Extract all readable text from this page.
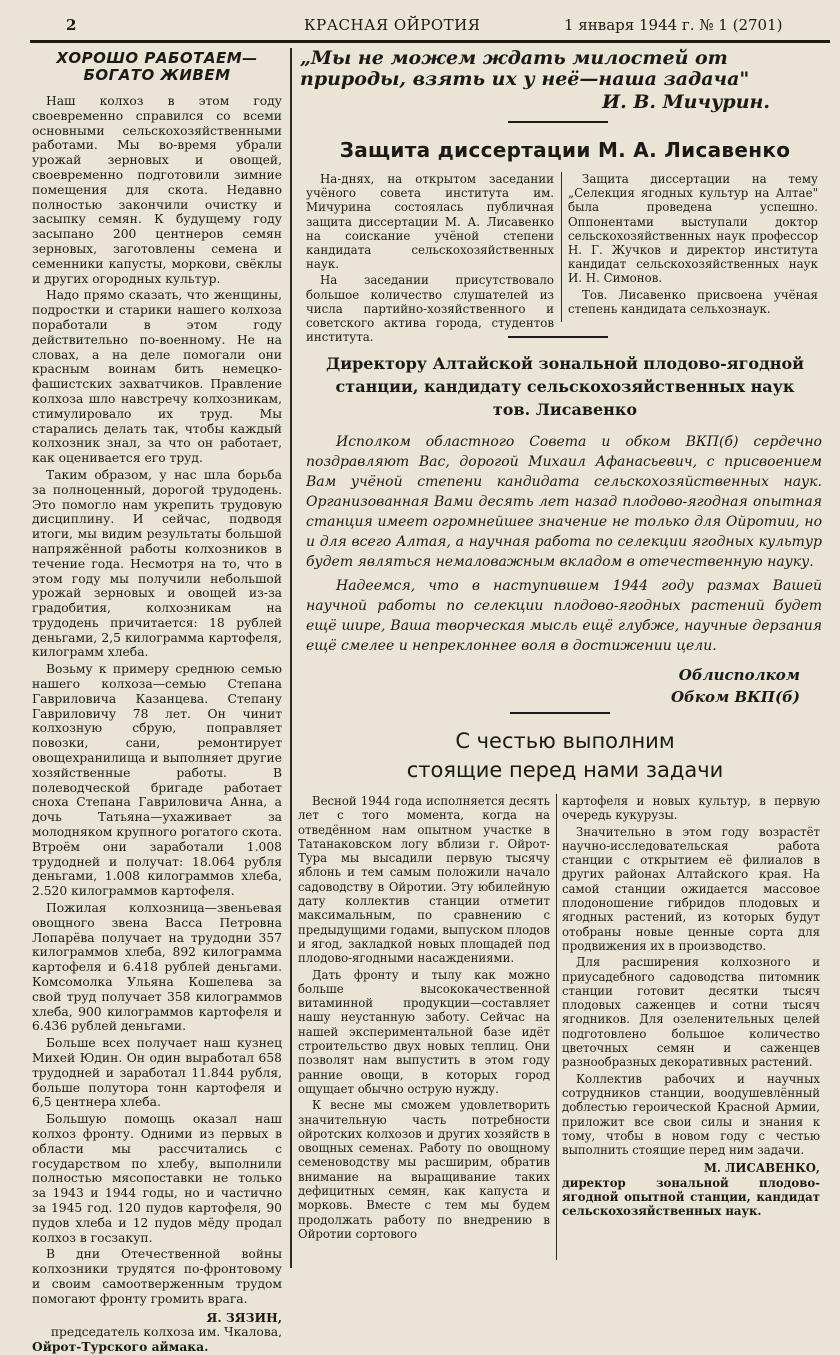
2	КРАСНАЯ ОЙРОТИЯ	1 января 1944 г. № 1 (2701)
ХОРОШО РАБОТАЕМ— БОГАТО ЖИВЕМ

Наш колхоз в этом году своевременно справился со всеми основными сельскохозяйственными работами. Мы во-время убрали урожай зерновых и овощей, своевременно подготовили зимние помещения для скота. Недавно полностью закончили очистку и засыпку семян. К будущему году засыпано 200 центнеров семян зерновых, заготовлены семена и семенники капусты, моркови, свёклы и других огородных культур.

Надо прямо сказать, что женщины, подростки и старики нашего колхоза поработали в этом году действительно по-военному. Не на словах, а на деле помогали они красным воинам бить немецко-фашистских захватчиков. Правление колхоза шло навстречу колхозникам, стимулировало их труд. Мы старались делать так, чтобы каждый колхозник знал, за что он работает, как оценивается его труд.

Таким образом, у нас шла борьба за полноценный, дорогой трудодень. Это помогло нам укрепить трудовую дисциплину. И сейчас, подводя итоги, мы видим результаты большой напряжённой работы колхозников в течение года. Несмотря на то, что в этом году мы получили небольшой урожай зерновых и овощей из-за градобития, колхозникам на трудодень причитается: 18 рублей деньгами, 2,5 килограмма картофеля, килограмм хлеба.

Возьму к примеру среднюю семью нашего колхоза—семью Степана Гавриловича Казанцева. Степану Гавриловичу 78 лет. Он чинит колхозную сбрую, поправляет повозки, сани, ремонтирует овощехранилища и выполняет другие хозяйственные работы. В полеводческой бригаде работает сноха Степана Гавриловича Анна, а дочь Татьяна—ухаживает за молодняком крупного рогатого скота. Втроём они заработали 1.008 трудодней и получат: 18.064 рубля деньгами, 1.008 килограммов хлеба, 2.520 килограммов картофеля.

Пожилая колхозница—звеньевая овощного звена Васса Петровна Лопарёва получает на трудодни 357 килограммов хлеба, 892 килограмма картофеля и 6.418 рублей деньгами. Комсомолка Ульяна Кошелева за свой труд получает 358 килограммов хлеба, 900 килограммов картофеля и 6.436 рублей деньгами.

Больше всех получает наш кузнец Михей Юдин. Он один выработал 658 трудодней и заработал 11.844 рубля, больше полутора тонн картофеля и 6,5 центнера хлеба.

Большую помощь оказал наш колхоз фронту. Одними из первых в области мы рассчитались с государством по хлебу, выполнили полностью мясопоставки не только за 1943 и 1944 годы, но и частично за 1945 год. 120 пудов картофеля, 90 пудов хлеба и 12 пудов мёду продал колхоз в госзакуп.

В дни Отечественной войны колхозники трудятся по-фронтовому и своим самоотверженным трудом помогают фронту громить врага.

Я. ЗЯЗИН,
председатель колхоза им. Чкалова,
Ойрот-Турского аймака.
„Мы не можем ждать милостей от природы, взять их у неё—наша задача"
И. В. Мичурин.
Защита диссертации М. А. Лисавенко

На-днях, на открытом заседании учёного совета института им. Мичурина состоялась публичная защита диссертации М. А. Лисавенко на соискание учёной степени кандидата сельскохозяйственных наук.

На заседании присутствовало большое количество слушателей из числа партийно-хозяйственного и советского актива города, студентов института.

Защита диссертации на тему „Селекция ягодных культур на Алтае" была проведена успешно. Оппонентами выступали доктор сельскохозяйственных наук профессор Н. Г. Жучков и директор института кандидат сельскохозяйственных наук И. Н. Симонов.

Тов. Лисавенко присвоена учёная степень кандидата сельхознаук.

Директору Алтайской зональной плодово-ягодной
станции, кандидату сельскохозяйственных наук
тов. Лисавенко

Исполком областного Совета и обком ВКП(б) сердечно поздравляют Вас, дорогой Михаил Афанасьевич, с присвоением Вам учёной степени кандидата сельскохозяйственных наук. Организованная Вами десять лет назад плодово-ягодная опытная станция имеет огромнейшее значение не только для Ойротии, но и для всего Алтая, а научная работа по селекции ягодных культур будет являться немаловажным вкладом в отечественную науку.

Надеемся, что в наступившем 1944 году размах Вашей научной работы по селекции плодово-ягодных растений будет ещё шире, Ваша творческая мысль ещё глубже, научные дерзания ещё смелее и непреклоннее воля в достижении цели.

Облисполком
Обком ВКП(б)
С честью выполним
стоящие перед нами задачи

Весной 1944 года исполняется десять лет с того момента, когда на отведённом нам опытном участке в Татанаковском логу вблизи г. Ойрот-Тура мы высадили первую тысячу яблонь и тем самым положили начало садоводству в Ойротии. Эту юбилейную дату коллектив станции отметит максимальным, по сравнению с предыдущими годами, выпуском плодов и ягод, закладкой новых площадей под плодово-ягодными насаждениями.

Дать фронту и тылу как можно больше высококачественной витаминной продукции—составляет нашу неустанную заботу. Сейчас на нашей экспериментальной базе идёт строительство двух новых теплиц. Они позволят нам выпустить в этом году ранние овощи, в которых город ощущает обычно острую нужду.

К весне мы сможем удовлетворить значительную часть потребности ойротских колхозов и других хозяйств в овощных семенах. Работу по овощному семеноводству мы расширим, обратив внимание на выращивание таких дефицитных семян, как капуста и морковь. Вместе с тем мы будем продолжать работу по внедрению в Ойротии сортового

картофеля и новых культур, в первую очередь кукурузы.

Значительно в этом году возрастёт научно-исследовательская работа станции с открытием её филиалов в других районах Алтайского края. На самой станции ожидается массовое плодоношение гибридов плодовых и ягодных растений, из которых будут отобраны новые ценные сорта для продвижения их в производство.

Для расширения колхозного и приусадебного садоводства питомник станции готовит десятки тысяч плодовых саженцев и сотни тысяч ягодников. Для озеленительных целей подготовлено большое количество цветочных семян и саженцев разнообразных декоративных растений.

Коллектив рабочих и научных сотрудников станции, воодушевлённый доблестью героической Красной Армии, приложит все свои силы и знания к тому, чтобы в новом году с честью выполнить стоящие перед ним задачи.

М. ЛИСАВЕНКО,
директор зональной плодово-ягодной опытной станции, кандидат сельскохозяйственных наук.
